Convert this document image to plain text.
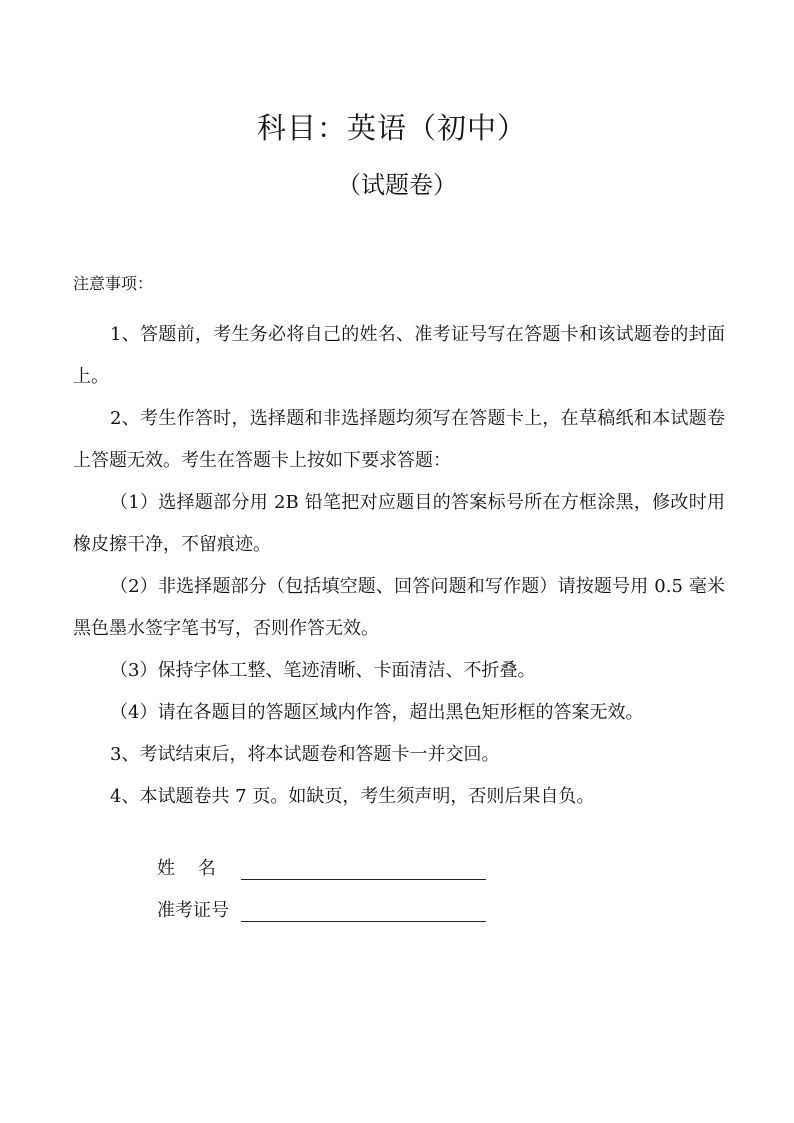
科目：英语（初中）
（试题卷）
注意事项：

1、答题前，考生务必将自己的姓名、准考证号写在答题卡和该试题卷的封面上。

2、考生作答时，选择题和非选择题均须写在答题卡上，在草稿纸和本试题卷上答题无效。考生在答题卡上按如下要求答题：

（1）选择题部分用 2B 铅笔把对应题目的答案标号所在方框涂黑，修改时用橡皮擦干净，不留痕迹。

（2）非选择题部分（包括填空题、回答问题和写作题）请按题号用 0.5 毫米黑色墨水签字笔书写，否则作答无效。

（3）保持字体工整、笔迹清晰、卡面清洁、不折叠。

（4）请在各题目的答题区域内作答，超出黑色矩形框的答案无效。

3、考试结束后，将本试题卷和答题卡一并交回。

4、本试题卷共 7 页。如缺页，考生须声明，否则后果自负。

姓    名
准考证号
